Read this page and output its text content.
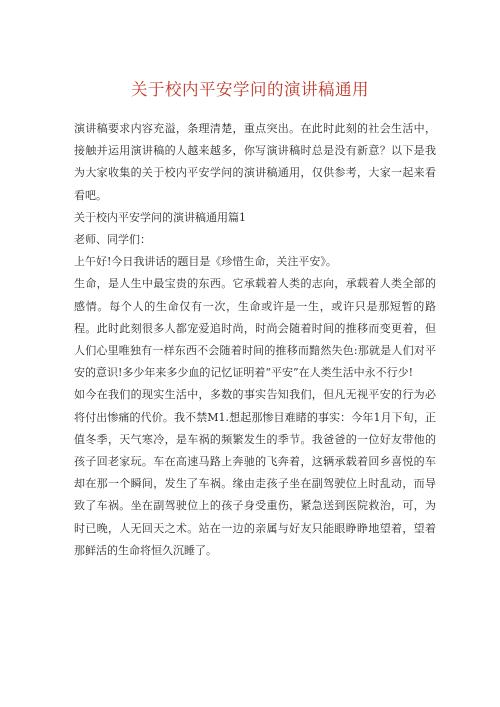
关于校内平安学问的演讲稿通用

演讲稿要求内容充溢，条理清楚，重点突出。在此时此刻的社会生活中，接触并运用演讲稿的人越来越多，你写演讲稿时总是没有新意？以下是我为大家收集的关于校内平安学问的演讲稿通用，仅供参考，大家一起来看看吧。

关于校内平安学问的演讲稿通用篇1

老师、同学们：

上午好!今日我讲话的题目是《珍惜生命，关注平安》。

生命，是人生中最宝贵的东西。它承载着人类的志向，承载着人类全部的感情。每个人的生命仅有一次，生命或许是一生，或许只是那短暂的路程。此时此刻很多人都宠爱追时尚，时尚会随着时间的推移而变更着，但人们心里唯独有一样东西不会随着时间的推移而黯然失色:那就是人们对平安的意识!多少年来多少血的记忆证明着“平安”在人类生活中永不行少!

如今在我们的现实生活中，多数的事实告知我们，但凡无视平安的行为必将付出惨痛的代价。我不禁M1.想起那惨目难睹的事实：今年1月下旬，正值冬季，天气寒冷，是车祸的频繁发生的季节。我爸爸的一位好友带他的孩子回老家玩。车在高速马路上奔驰的飞奔着，这辆承载着回乡喜悦的车却在那一个瞬间，发生了车祸。缘由走孩子坐在副驾驶位上时乱动，而导致了车祸。坐在副驾驶位上的孩子身受重伤，紧急送到医院救治，可，为时已晚，人无回天之术。站在一边的亲属与好友只能眼睁睁地望着，望着那鲜活的生命将恒久沉睡了。
